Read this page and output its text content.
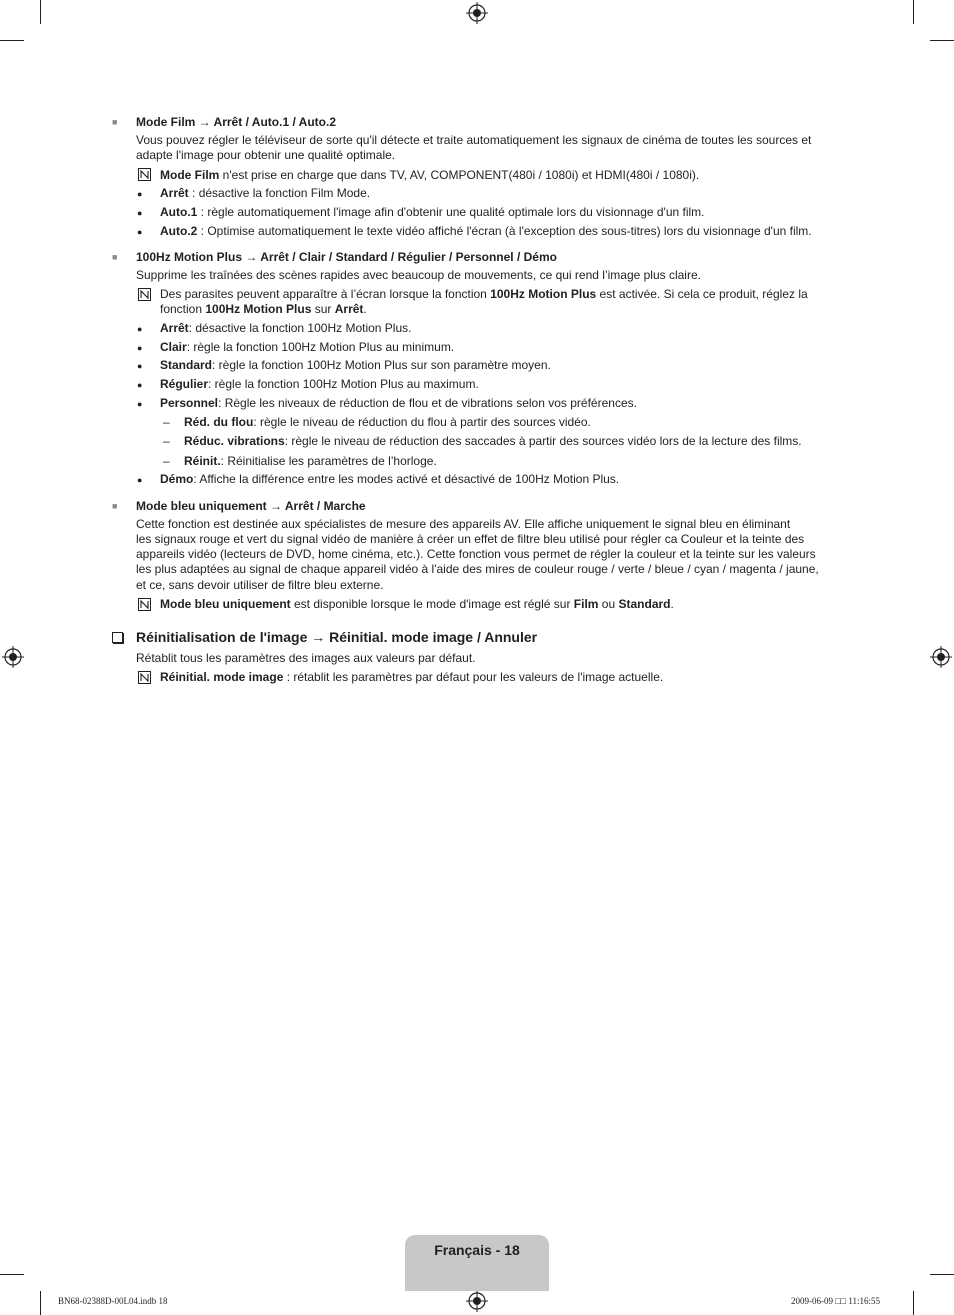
■ Mode Film → Arrêt / Auto.1 / Auto.2
Vous pouvez régler le téléviseur de sorte qu'il détecte et traite automatiquement les signaux de cinéma de toutes les sources et
adapte l'image pour obtenir une qualité optimale.
Mode Film n'est prise en charge que dans TV, AV, COMPONENT(480i / 1080i) et HDMI(480i / 1080i).
● Arrêt : désactive la fonction Film Mode.
● Auto.1 : règle automatiquement l'image afin d'obtenir une qualité optimale lors du visionnage d'un film.
● Auto.2 : Optimise automatiquement le texte vidéo affiché l'écran (à l'exception des sous-titres) lors du visionnage d'un film.
■ 100Hz Motion Plus → Arrêt / Clair / Standard / Régulier / Personnel / Démo
Supprime les traînées des scènes rapides avec beaucoup de mouvements, ce qui rend l’image plus claire.
Des parasites peuvent apparaître à l’écran lorsque la fonction 100Hz Motion Plus est activée. Si cela ce produit, réglez la
fonction 100Hz Motion Plus sur Arrêt.
● Arrêt: désactive la fonction 100Hz Motion Plus.
● Clair: règle la fonction 100Hz Motion Plus au minimum.
● Standard: règle la fonction 100Hz Motion Plus sur son paramètre moyen.
● Régulier: règle la fonction 100Hz Motion Plus au maximum.
● Personnel: Règle les niveaux de réduction de flou et de vibrations selon vos préférences.
– Réd. du flou: règle le niveau de réduction du flou à partir des sources vidéo.
– Réduc. vibrations: règle le niveau de réduction des saccades à partir des sources vidéo lors de la lecture des films.
– Réinit.: Réinitialise les paramètres de l’horloge.
● Démo: Affiche la différence entre les modes activé et désactivé de 100Hz Motion Plus.
■ Mode bleu uniquement → Arrêt / Marche
Cette fonction est destinée aux spécialistes de mesure des appareils AV. Elle affiche uniquement le signal bleu en éliminant
les signaux rouge et vert du signal vidéo de manière à créer un effet de filtre bleu utilisé pour régler ca Couleur et la teinte des
appareils vidéo (lecteurs de DVD, home cinéma, etc.). Cette fonction vous permet de régler la couleur et la teinte sur les valeurs
les plus adaptées au signal de chaque appareil vidéo à l'aide des mires de couleur rouge / verte / bleue / cyan / magenta / jaune,
et ce, sans devoir utiliser de filtre bleu externe.
Mode bleu uniquement est disponible lorsque le mode d'image est réglé sur Film ou Standard.
Réinitialisation de l'image → Réinitial. mode image / Annuler
Rétablit tous les paramètres des images aux valeurs par défaut.
Réinitial. mode image : rétablit les paramètres par défaut pour les valeurs de l'image actuelle.
Français - 18
BN68-02388D-00L04.indb 18	2009-06-09 □□ 11:16:55
